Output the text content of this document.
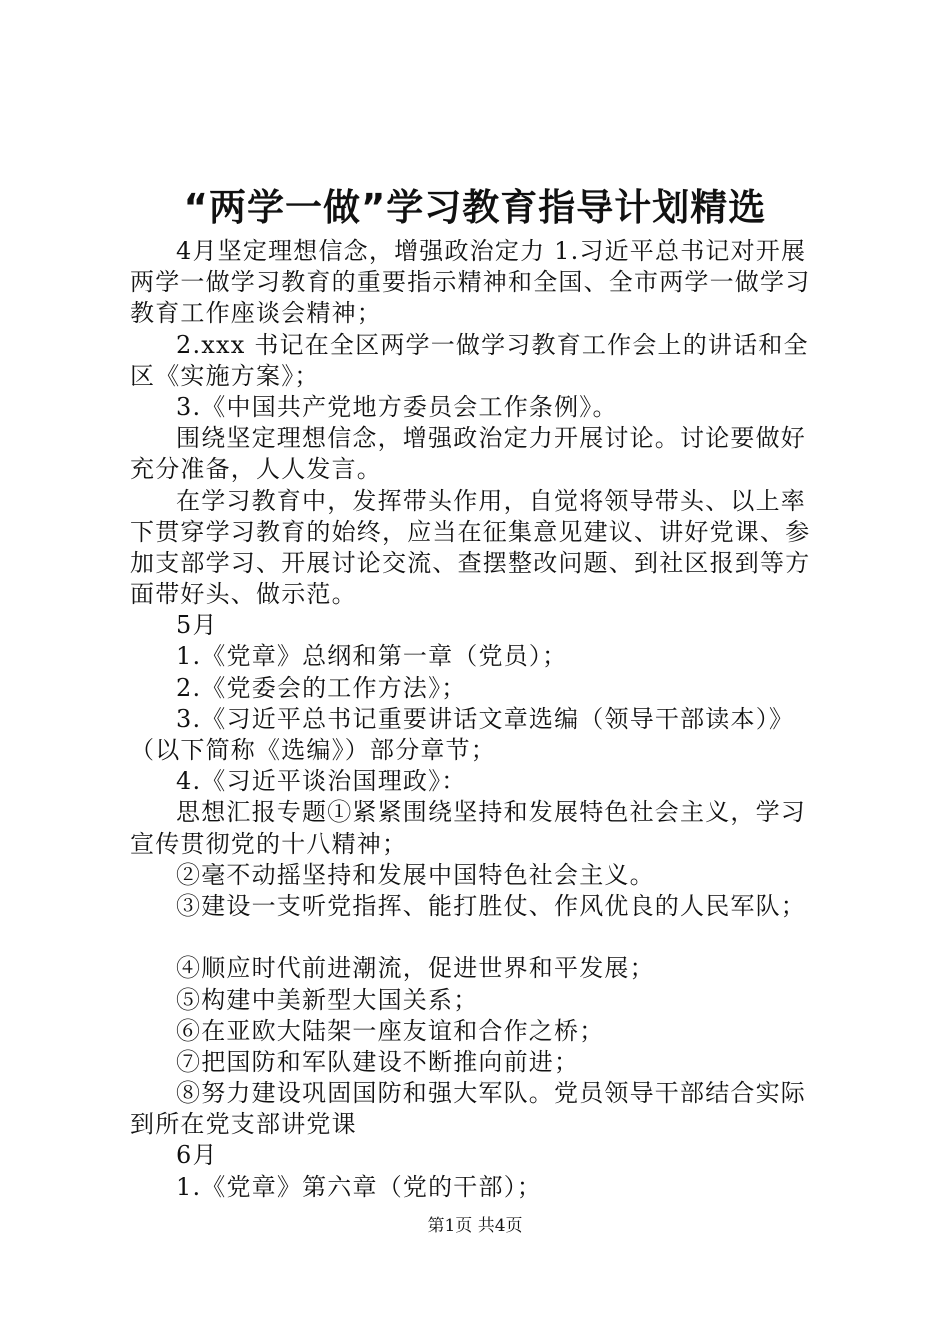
“两学一做”学习教育指导计划精选
4月坚定理想信念，增强政治定力 1.习近平总书记对开展
两学一做学习教育的重要指示精神和全国、全市两学一做学习
教育工作座谈会精神；
2.xxx 书记在全区两学一做学习教育工作会上的讲话和全
区《实施方案》；
3.《中国共产党地方委员会工作条例》。
围绕坚定理想信念，增强政治定力开展讨论。讨论要做好
充分准备，人人发言。
在学习教育中，发挥带头作用，自觉将领导带头、以上率
下贯穿学习教育的始终，应当在征集意见建议、讲好党课、参
加支部学习、开展讨论交流、查摆整改问题、到社区报到等方
面带好头、做示范。
5月
1.《党章》总纲和第一章（党员）；
2.《党委会的工作方法》；
3.《习近平总书记重要讲话文章选编（领导干部读本）》
（以下简称《选编》）部分章节；
4.《习近平谈治国理政》：
思想汇报专题①紧紧围绕坚持和发展特色社会主义，学习
宣传贯彻党的十八精神；
②毫不动摇坚持和发展中国特色社会主义。
③建设一支听党指挥、能打胜仗、作风优良的人民军队；
④顺应时代前进潮流，促进世界和平发展；
⑤构建中美新型大国关系；
⑥在亚欧大陆架一座友谊和合作之桥；
⑦把国防和军队建设不断推向前进；
⑧努力建设巩固国防和强大军队。党员领导干部结合实际
到所在党支部讲党课
6月
1.《党章》第六章（党的干部）；
第1页 共4页
